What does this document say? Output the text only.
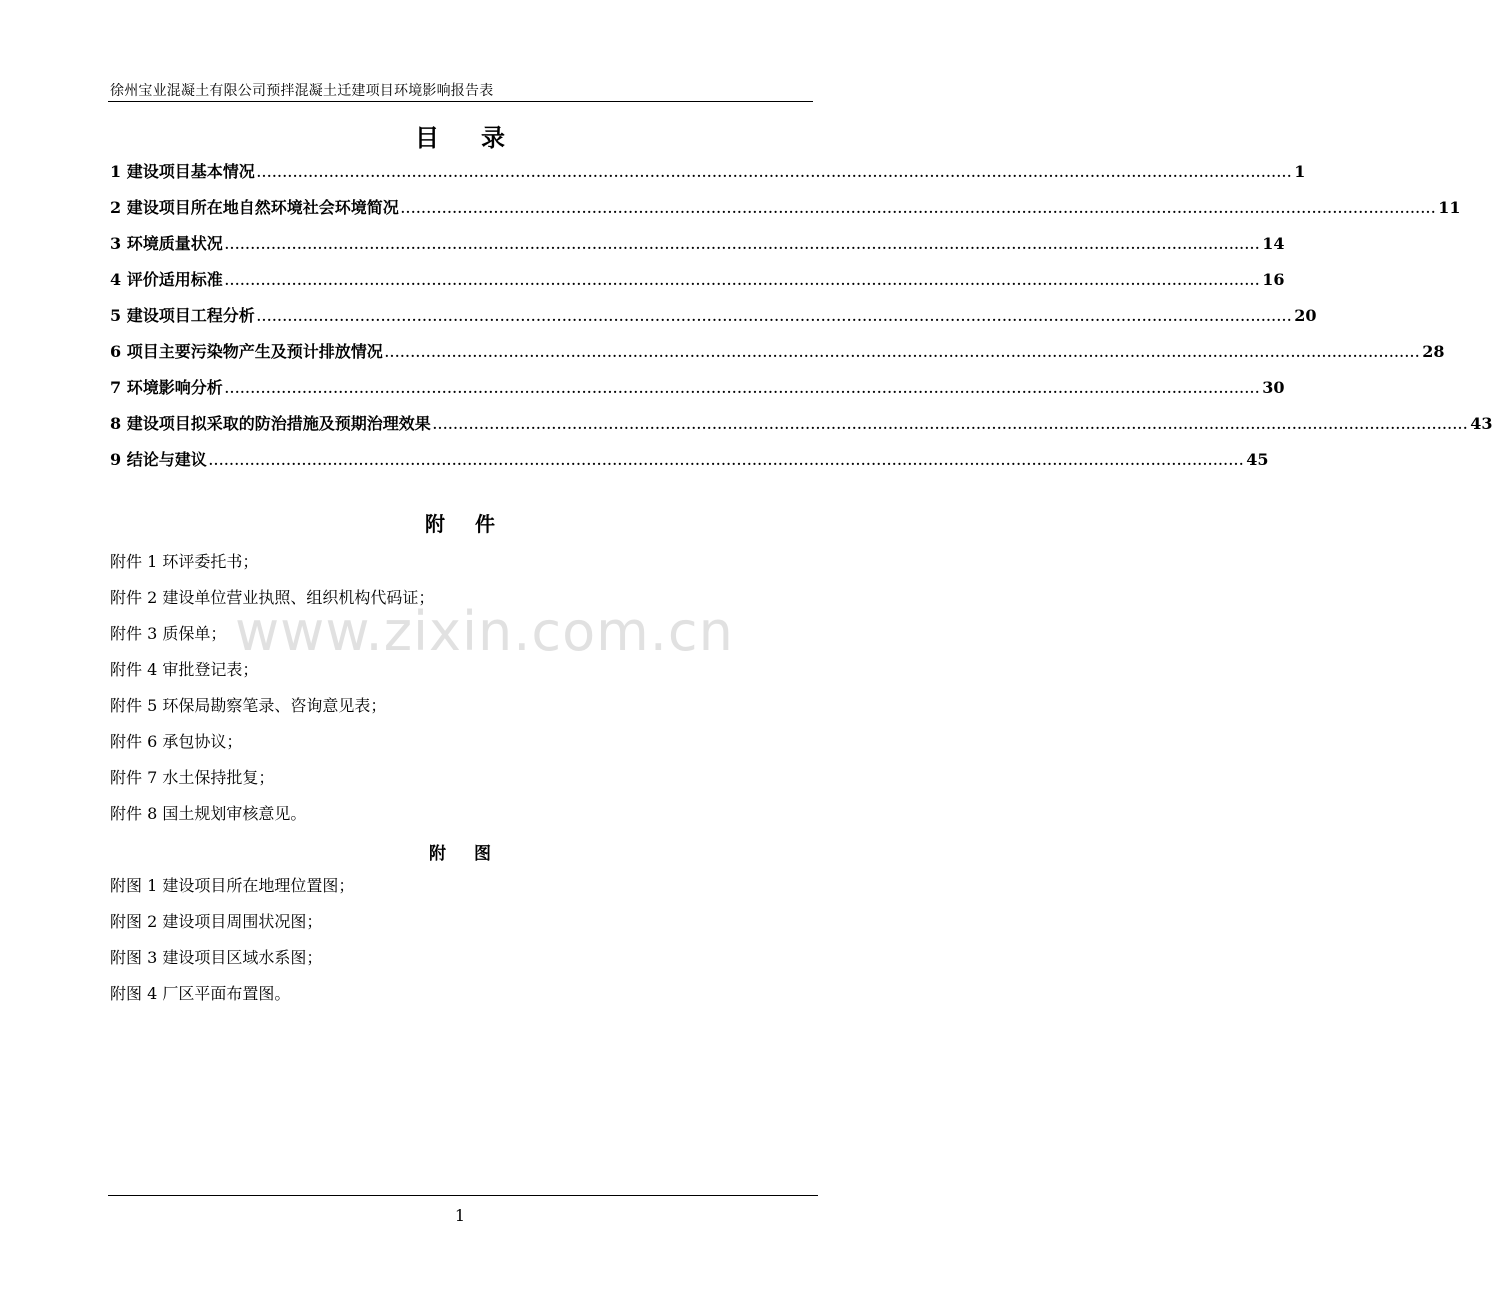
徐州宝业混凝土有限公司预拌混凝土迁建项目环境影响报告表
目 录
1 建设项目基本情况 ........................................................................................................................................................................................................ 1
2 建设项目所在地自然环境社会环境简况 ........................................................................................................................................................................................................ 11
3 环境质量状况 ........................................................................................................................................................................................................ 14
4 评价适用标准 ........................................................................................................................................................................................................ 16
5 建设项目工程分析 ........................................................................................................................................................................................................ 20
6 项目主要污染物产生及预计排放情况 ........................................................................................................................................................................................................ 28
7 环境影响分析 ........................................................................................................................................................................................................ 30
8 建设项目拟采取的防治措施及预期治理效果 ........................................................................................................................................................................................................ 43
9 结论与建议 ........................................................................................................................................................................................................ 45
附 件
附件 1 环评委托书；
附件 2 建设单位营业执照、组织机构代码证；
附件 3 质保单；
附件 4 审批登记表；
附件 5 环保局勘察笔录、咨询意见表；
附件 6 承包协议；
附件 7 水土保持批复；
附件 8 国土规划审核意见。
附 图
附图 1 建设项目所在地理位置图；
附图 2 建设项目周围状况图；
附图 3 建设项目区域水系图；
附图 4 厂区平面布置图。
www.zixin.com.cn
1
